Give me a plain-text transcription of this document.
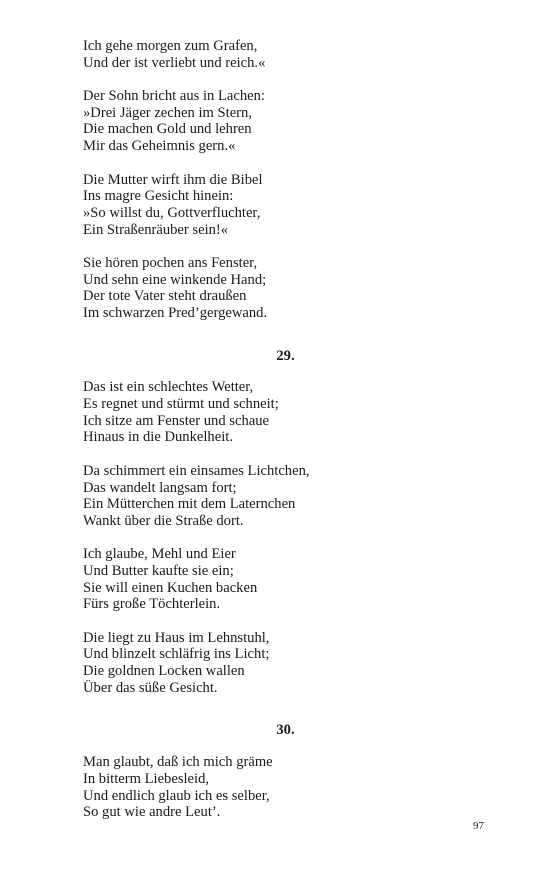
Ich gehe morgen zum Grafen,

Und der ist verliebt und reich.«

Der Sohn bricht aus in Lachen:

»Drei Jäger zechen im Stern,

Die machen Gold und lehren

Mir das Geheimnis gern.«

Die Mutter wirft ihm die Bibel

Ins magre Gesicht hinein:

»So willst du, Gottverfluchter,

Ein Straßenräuber sein!«

Sie hören pochen ans Fenster,

Und sehn eine winkende Hand;

Der tote Vater steht draußen

Im schwarzen Pred’gergewand.

29.

Das ist ein schlechtes Wetter,

Es regnet und stürmt und schneit;

Ich sitze am Fenster und schaue

Hinaus in die Dunkelheit.

Da schimmert ein einsames Lichtchen,

Das wandelt langsam fort;

Ein Mütterchen mit dem Laternchen

Wankt über die Straße dort.

Ich glaube, Mehl und Eier

Und Butter kaufte sie ein;

Sie will einen Kuchen backen

Fürs große Töchterlein.

Die liegt zu Haus im Lehnstuhl,

Und blinzelt schläfrig ins Licht;

Die goldnen Locken wallen

Über das süße Gesicht.

30.

Man glaubt, daß ich mich gräme

In bitterm Liebesleid,

Und endlich glaub ich es selber,

So gut wie andre Leut’.

97
